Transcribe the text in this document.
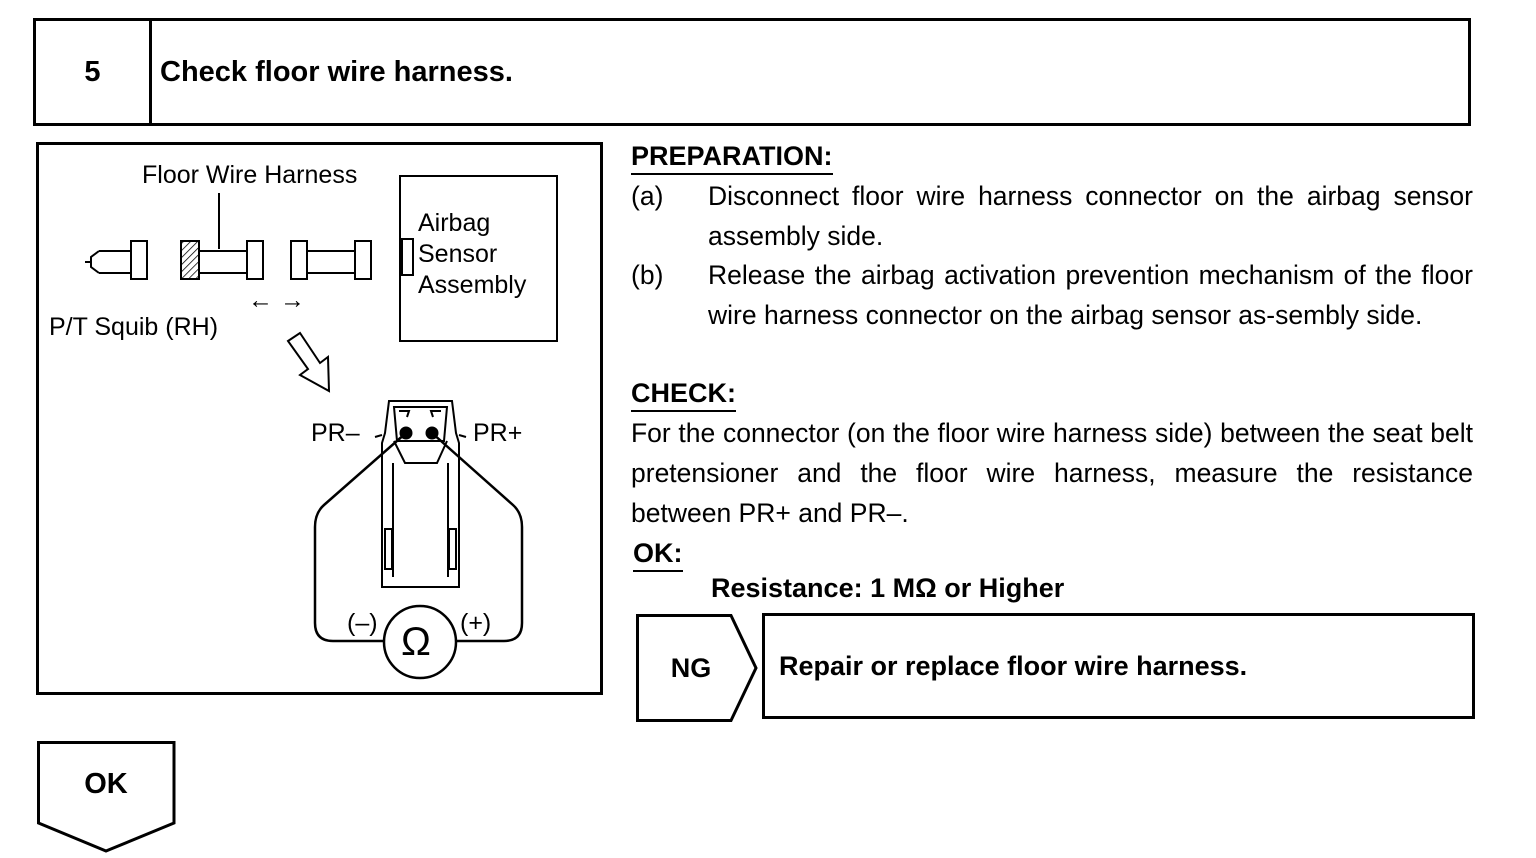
5	Check floor wire harness.
Floor Wire Harness
Airbag
Sensor
Assembly
P/T Squib (RH)
← →
PR–	PR+
(–)	(+)
Ω
PREPARATION:
(a) Disconnect floor wire harness connector on the airbag sensor assembly side.
(b) Release the airbag activation prevention mechanism of the floor wire harness connector on the airbag sensor as-sembly side.
CHECK:
For the connector (on the floor wire harness side) between the seat belt pretensioner and the floor wire harness, measure the resistance between PR+ and PR–.
OK:
Resistance: 1 MΩ or Higher
NG	Repair or replace floor wire harness.
OK
